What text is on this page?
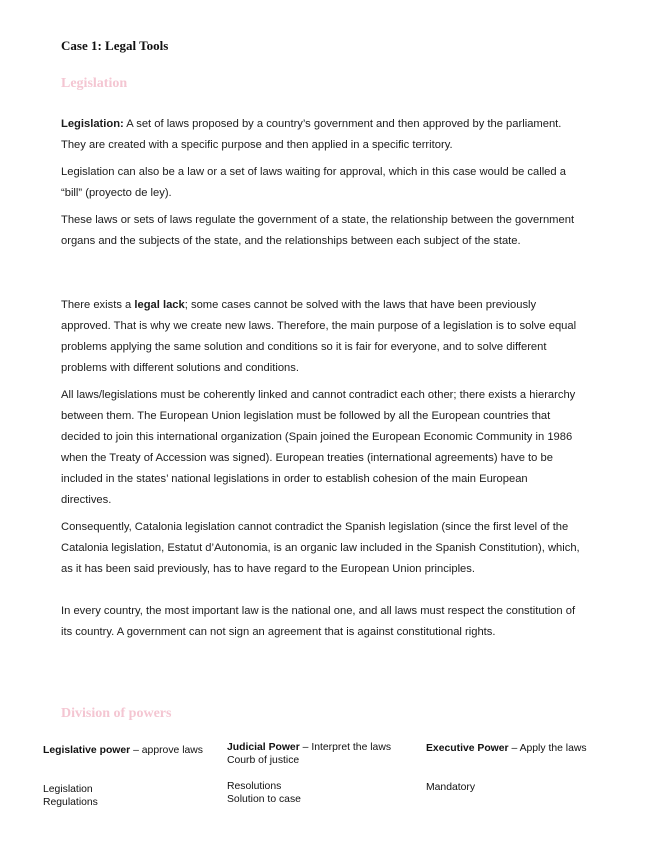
Case 1: Legal Tools
Legislation

Legislation: A set of laws proposed by a country’s government and then approved by the parliament. They are created with a specific purpose and then applied in a specific territory.

Legislation can also be a law or a set of laws waiting for approval, which in this case would be called a “bill” (proyecto de ley).

These laws or sets of laws regulate the government of a state, the relationship between the government organs and the subjects of the state, and the relationships between each subject of the state.

There exists a legal lack; some cases cannot be solved with the laws that have been previously approved. That is why we create new laws. Therefore, the main purpose of a legislation is to solve equal problems applying the same solution and conditions so it is fair for everyone, and to solve different problems with different solutions and conditions.

All laws/legislations must be coherently linked and cannot contradict each other; there exists a hierarchy between them. The European Union legislation must be followed by all the European countries that decided to join this international organization (Spain joined the European Economic Community in 1986 when the Treaty of Accession was signed). European treaties (international agreements) have to be included in the states’ national legislations in order to establish cohesion of the main European directives.

Consequently, Catalonia legislation cannot contradict the Spanish legislation (since the first level of the Catalonia legislation, Estatut d’Autonomia, is an organic law included in the Spanish Constitution), which, as it has been said previously, has to have regard to the European Union principles.

In every country, the most important law is the national one, and all laws must respect the constitution of its country. A government can not sign an agreement that is against constitutional rights.

Division of powers
Legislative power – approve laws
Legislation
Regulations
Judicial Power – Interpret the laws
Courb of justice
Resolutions
Solution to case
Executive Power – Apply the laws
Mandatory
